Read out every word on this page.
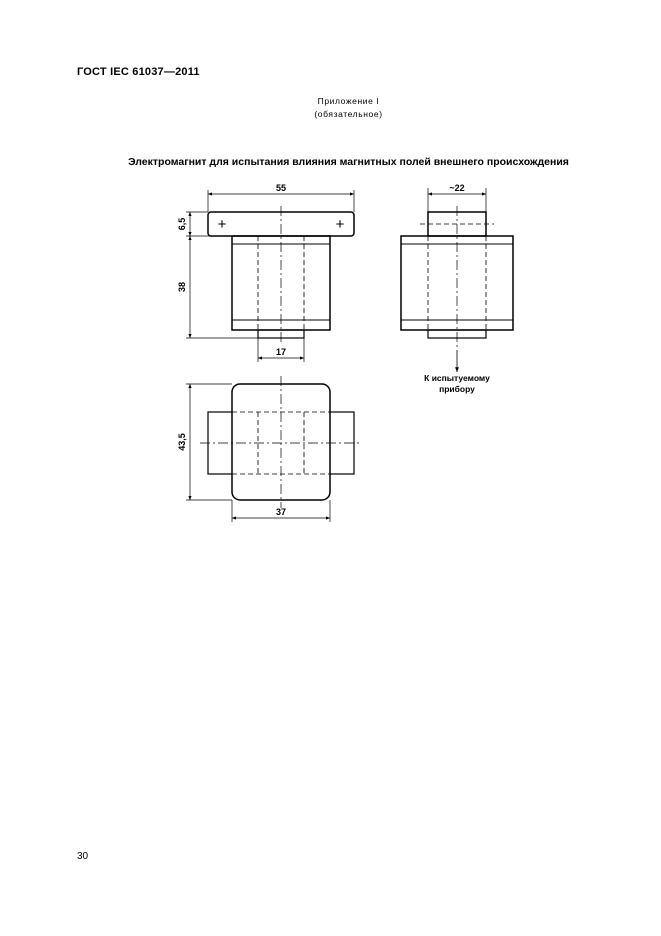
ГОСТ IEC 61037—2011
Приложение I
(обязательное)
Электромагнит для испытания влияния магнитных полей внешнего происхождения
+	+
55
6,5
38
17
~22
К испытуемому
прибору
43,5
37
30
